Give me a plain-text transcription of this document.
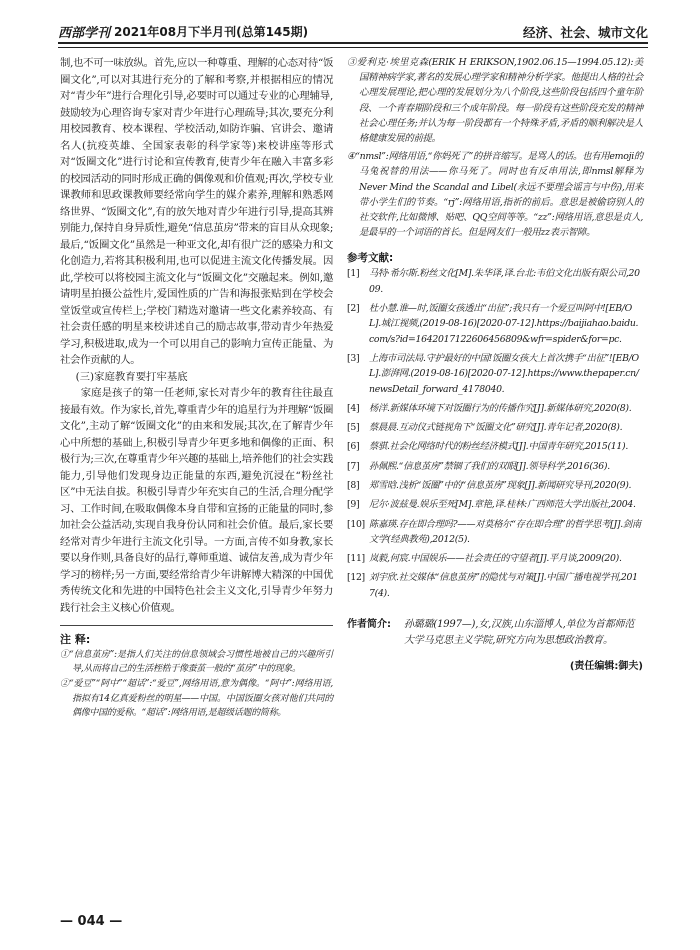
西部学刊 2021年08月下半月刊(总第145期)	经济、社会、城市文化

制,也不可一味放纵。首先,应以一种尊重、理解的心态对待“饭圈文化”,可以对其进行充分的了解和考察,并根据相应的情况对“青少年”进行合理化引导,必要时可以通过专业的心理辅导,鼓励较为心理咨询专家对青少年进行心理疏导;其次,要充分利用校园教育、校本课程、学校活动,如防诈骗、官讲会、邀请名人(抗疫英雄、全国家表彰的科学家等)来校讲座等形式对“饭圈文化”进行讨论和宣传教育,使青少年在融入丰富多彩的校园活动的同时形成正确的偶像观和价值观;再次,学校专业课教师和思政课教师要经常向学生的媒介素养,理解和熟悉网络世界、“饭圈文化”,有的放矢地对青少年进行引导,提高其辨别能力,保持自身异质性,避免“信息茧房”带来的盲目从众现象;最后,“饭圈文化”虽然是一种亚文化,却有很广泛的感染力和文化创造力,若将其积极利用,也可以促进主流文化传播发展。因此,学校可以将校园主流文化与“饭圈文化”交融起来。例如,邀请明星拍摄公益性片,爱国性质的广告和海报张贴到在学校会堂饭堂或宣传栏上;学校门精选对邀请一些文化素养较高、有社会责任感的明星来校讲述自己的励志故事,带动青少年热爱学习,积极进取,成为一个可以用自己的影响力宣传正能量、为社会作贡献的人。

(三)家庭教育要打牢基底

家庭是孩子的第一任老师,家长对青少年的教育往往最直接最有效。作为家长,首先,尊重青少年的追星行为并理解“饭圈文化”,主动了解“饭圈文化”的由来和发展;其次,在了解青少年心中所想的基础上,积极引导青少年更多地和偶像的正面、积极行为;三次,在尊重青少年兴趣的基础上,培养他们的社会实践能力,引导他们发现身边正能量的东西,避免沉浸在“粉丝社区”中无法自拔。积极引导青少年充实自己的生活,合理分配学习、工作时间,在吸取偶像本身自带和宣扬的正能量的同时,参加社会公益活动,实现自我身份认同和社会价值。最后,家长要经常对青少年进行主流文化引导。一方面,言传不如身教,家长要以身作则,具备良好的品行,尊师重道、诚信友善,成为青少年学习的榜样;另一方面,要经常给青少年讲解博大精深的中国优秀传统文化和先进的中国特色社会主义文化,引导青少年努力践行社会主义核心价值观。

注 释:

①“信息茧房”:是指人们关注的信息领域会习惯性地被自己的兴趣所引导,从而将自己的生活桎梏于像蚕茧一般的“茧房”中的现象。

②“爱豆”“阿中”“超话”:“爱豆”,网络用语,意为偶像。“阿中”:网络用语,指拟有14亿真爱粉丝的明星——中国。中国饭圈女孩对他们共同的偶像中国的爱称。“超话”:网络用语,是超级话题的简称。

③爱利克·埃里克森(ERIK H ERIKSON,1902.06.15—1994.05.12):美国精神病学家,著名的发展心理学家和精神分析学家。他提出人格的社会心理发展理论,把心理的发展划分为八个阶段,这些阶段包括四个童年阶段、一个青春期阶段和三个成年阶段。每一阶段有这些阶段充发的精神社会心理任务;并认为每一阶段都有一个特殊矛盾,矛盾的顺利解决是人格健康发展的前提。

④“nmsl”:网络用语,“你妈死了”的拼音缩写。是骂人的话。也有用emoji的马兔祝替的用法——你马死了。同时也有反串用法,即nmsl解释为Never Mind the Scandal and Libel(永远不要理会谣言与中伤),用来带小学生们的节奏。“rj”:网络用语,指祈的前后。意思是被偷窃别人的社交软件,比如微博、贴吧、QQ空间等等。“zz”:网络用语,意思是贞人,是最早的一个词语的首长。但是网友们一般用zz表示智障。

参考文献:
[1]	马特·希尔斯.粉丝文化[M].朱华译,译.台北:韦伯文化出版有限公司,2009.
[2]	杜小慧.谁—时,饭圈女孩透出“出征”;我只有一个爱豆叫阿中![EB/OL].城江视频,(2019-08-16)[2020-07-12].https://baijiahao.baidu.com/s?id=1642017122606456809&wfr=spider&for=pc.
[3]	上海市司法局.守护最好的中国!饭圈女孩大上首次携手“出征”![EB/OL].澎湃网.(2019-08-16)[2020-07-12].https://www.thepaper.cn/newsDetail_forward_4178040.
[4]	杨洋.新媒体环境下对饭圈行为的传播作究[J].新媒体研究,2020(8).
[5]	蔡晨晨.互动仪式链视角下“饭圈文化”研究[J].青年记者,2020(8).
[6]	蔡骐.社会化网络时代的粉丝经济模式[J].中国青年研究,2015(11).
[7]	孙佩熙.“信息茧房”禁锢了我们的双眼[J].领导科学,2016(36).
[8]	郑雪晗.浅析“饭圈”中的“信息茧房”现象[J].新闻研究导刊,2020(9).
[9]	尼尔·波兹曼.娱乐至死[M].章艳,译.桂林:广西师范大学出版社,2004.
[10] 陈嘉瑛.存在即合理吗?——对莫格尔“存在即合理”的哲学思考[J].剑南文学(经典教苑),2012(5).
[11] 岚毅,何宸.中国娱乐——社会责任的守望者[J].平月谈,2009(20).
[12] 刘宇欣.社交媒体“信息茧房”的隐忧与对策[J].中国广播电视学刊,2017(4).
作者简介:	孙璐璐(1997—),女,汉族,山东淄博人,单位为首都师范大学马克思主义学院,研究方向为思想政治教育。
(责任编辑:御夫)
— 044 —
